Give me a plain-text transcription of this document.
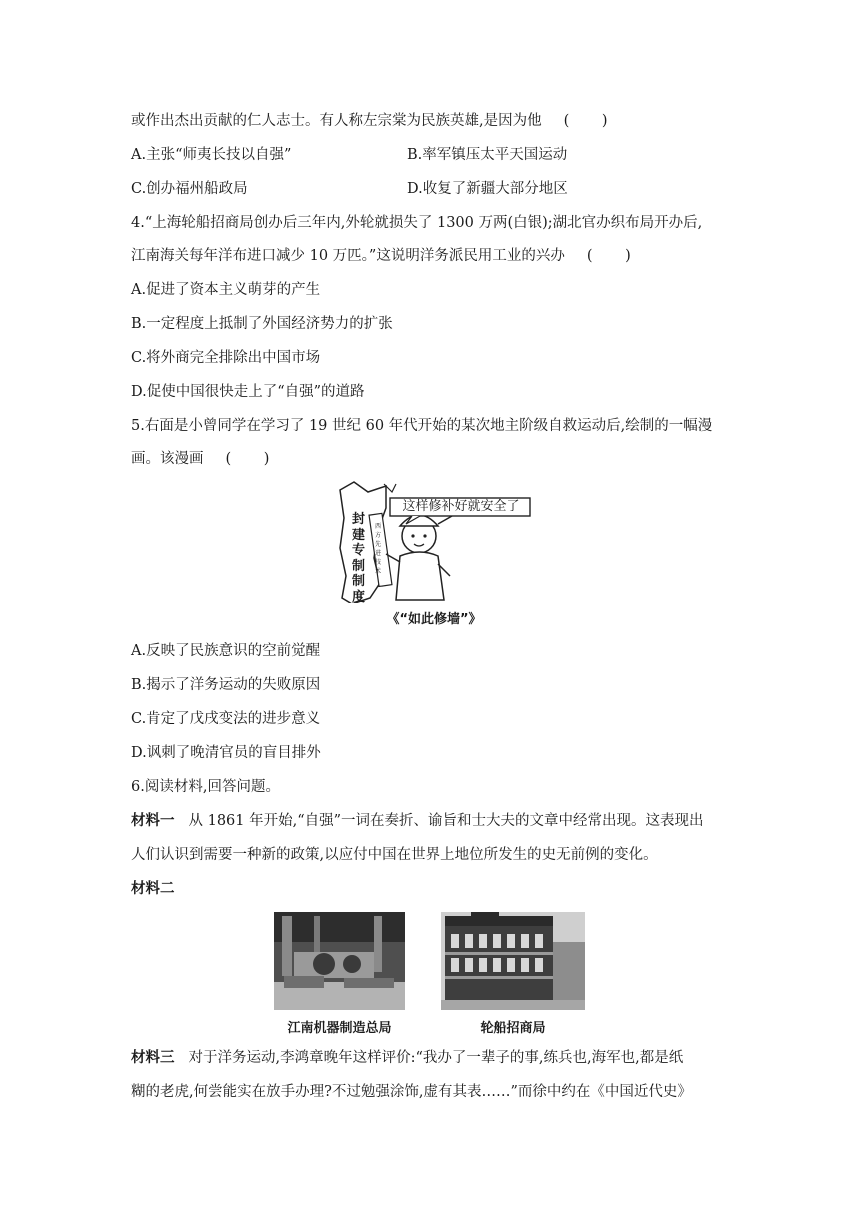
或作出杰出贡献的仁人志士。有人称左宗棠为民族英雄,是因为他 ( )
A.主张“师夷长技以自强”	B.率军镇压太平天国运动
C.创办福州船政局	D.收复了新疆大部分地区
4.“上海轮船招商局创办后三年内,外轮就损失了 1300 万两(白银);湖北官办织布局开办后,
江南海关每年洋布进口减少 10 万匹。”这说明洋务派民用工业的兴办 ( )
A.促进了资本主义萌芽的产生
B.一定程度上抵制了外国经济势力的扩张
C.将外商完全排除出中国市场
D.促使中国很快走上了“自强”的道路
5.右面是小曾同学在学习了 19 世纪 60 年代开始的某次地主阶级自救运动后,绘制的一幅漫
画。该漫画 ( )
这样修补好就安全了
封建专制制度
西方先进技术
《“如此修墙”》
A.反映了民族意识的空前觉醒
B.揭示了洋务运动的失败原因
C.肯定了戊戌变法的进步意义
D.讽刺了晚清官员的盲目排外
6.阅读材料,回答问题。
材料一 从 1861 年开始,“自强”一词在奏折、谕旨和士大夫的文章中经常出现。这表现出
人们认识到需要一种新的政策,以应付中国在世界上地位所发生的史无前例的变化。
材料二
江南机器制造总局	轮船招商局
材料三 对于洋务运动,李鸿章晚年这样评价:“我办了一辈子的事,练兵也,海军也,都是纸
糊的老虎,何尝能实在放手办理?不过勉强涂饰,虚有其表……”而徐中约在《中国近代史》
